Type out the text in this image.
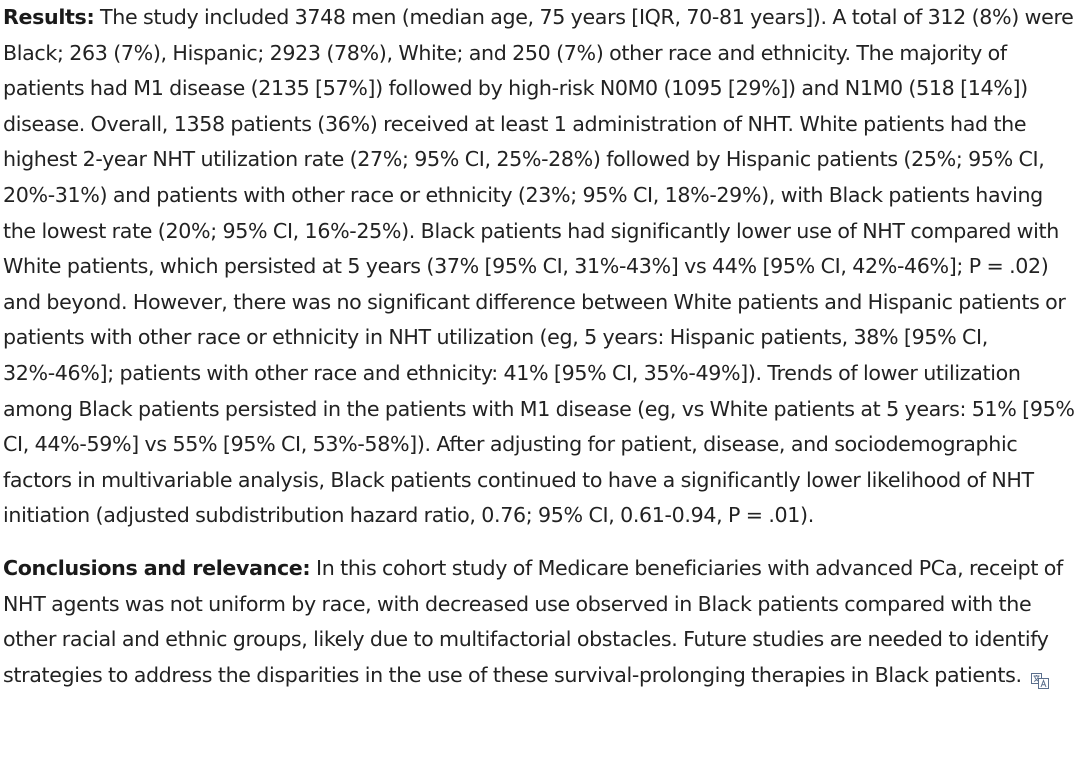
Results: The study included 3748 men (median age, 75 years [IQR, 70-81 years]). A total of 312 (8%) were Black; 263 (7%), Hispanic; 2923 (78%), White; and 250 (7%) other race and ethnicity. The majority of patients had M1 disease (2135 [57%]) followed by high-risk N0M0 (1095 [29%]) and N1M0 (518 [14%]) disease. Overall, 1358 patients (36%) received at least 1 administration of NHT. White patients had the highest 2-year NHT utilization rate (27%; 95% CI, 25%-28%) followed by Hispanic patients (25%; 95% CI, 20%-31%) and patients with other race or ethnicity (23%; 95% CI, 18%-29%), with Black patients having the lowest rate (20%; 95% CI, 16%-25%). Black patients had significantly lower use of NHT compared with White patients, which persisted at 5 years (37% [95% CI, 31%-43%] vs 44% [95% CI, 42%-46%]; P = .02) and beyond. However, there was no significant difference between White patients and Hispanic patients or patients with other race or ethnicity in NHT utilization (eg, 5 years: Hispanic patients, 38% [95% CI, 32%-46%]; patients with other race and ethnicity: 41% [95% CI, 35%-49%]). Trends of lower utilization among Black patients persisted in the patients with M1 disease (eg, vs White patients at 5 years: 51% [95% CI, 44%-59%] vs 55% [95% CI, 53%-58%]). After adjusting for patient, disease, and sociodemographic factors in multivariable analysis, Black patients continued to have a significantly lower likelihood of NHT initiation (adjusted subdistribution hazard ratio, 0.76; 95% CI, 0.61-0.94, P = .01).

Conclusions and relevance: In this cohort study of Medicare beneficiaries with advanced PCa, receipt of NHT agents was not uniform by race, with decreased use observed in Black patients compared with the other racial and ethnic groups, likely due to multifactorial obstacles. Future studies are needed to identify strategies to address the disparities in the use of these survival-prolonging therapies in Black patients.
